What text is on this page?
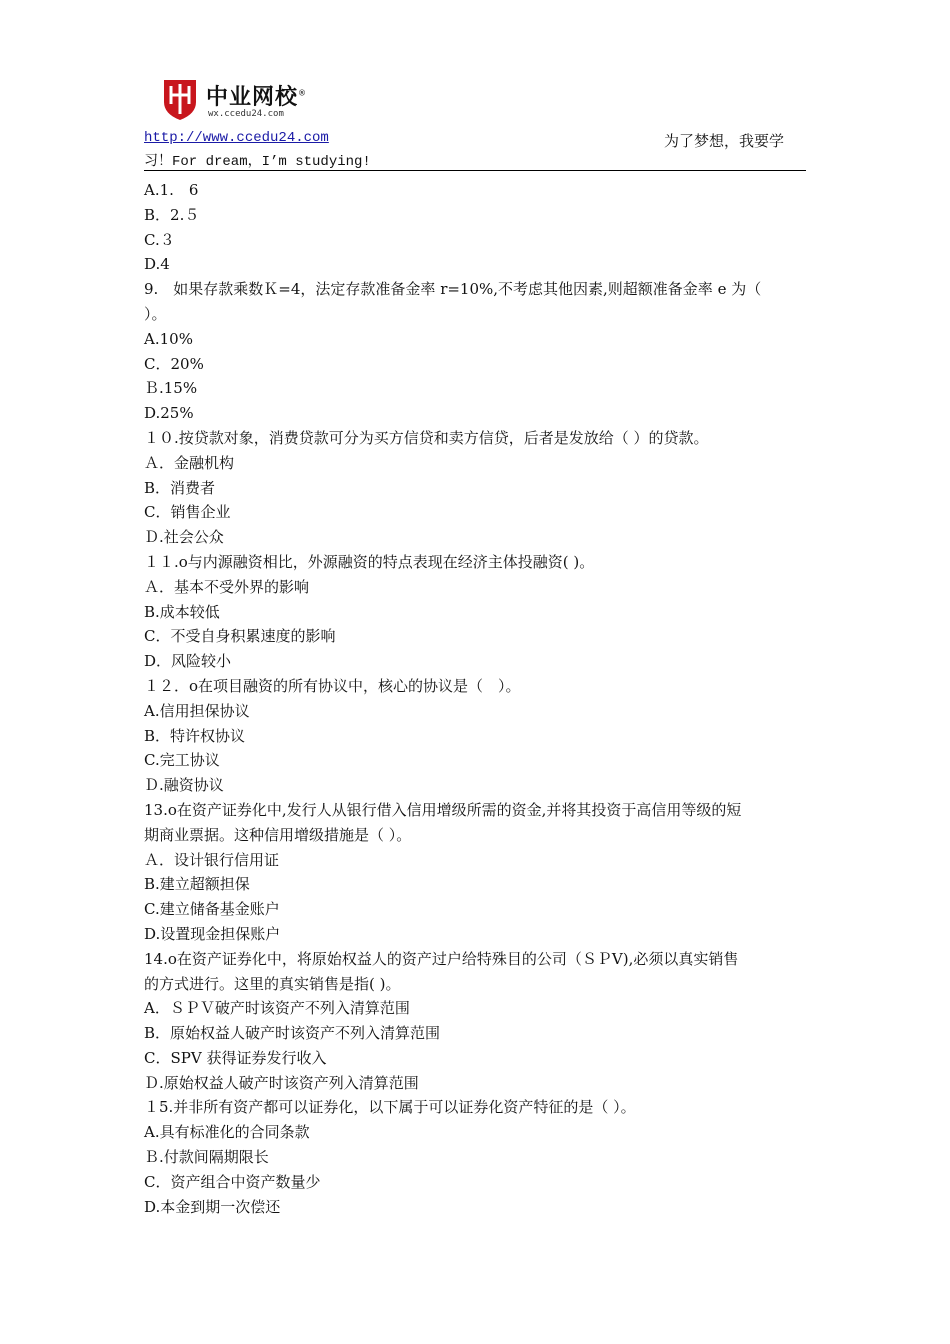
中业网校®
wx.ccedu24.com
http://www.ccedu24.com	为了梦想，我要学
习！For dream，I’m studying!
A.1.　6
B．2.５
C.３
D.4
9.　如果存款乘数Ｋ=4，法定存款准备金率 r=10%,不考虑其他因素,则超额准备金率 e 为（
）。
A.10%
C．20%
Ｂ.15%
D.25%
１０.按贷款对象，消费贷款可分为买方信贷和卖方信贷，后者是发放给（ ）的贷款。
Ａ．金融机构
B．消费者
C．销售企业
Ｄ.社会公众
１１.o与内源融资相比，外源融资的特点表现在经济主体投融资( )。
Ａ．基本不受外界的影响
B.成本较低
C．不受自身积累速度的影响
D．风险较小
１２．o在项目融资的所有协议中，核心的协议是（　）。
A.信用担保协议
B．特许权协议
C.完工协议
Ｄ.融资协议
13.o在资产证券化中,发行人从银行借入信用增级所需的资金,并将其投资于高信用等级的短
期商业票据。这种信用增级措施是（ ）。
Ａ．设计银行信用证
B.建立超额担保
C.建立储备基金账户
D.设置现金担保账户
14.o在资产证券化中，将原始权益人的资产过户给特殊目的公司（ＳＰV),必须以真实销售
的方式进行。这里的真实销售是指( )。
A．ＳＰＶ破产时该资产不列入清算范围
B．原始权益人破产时该资产不列入清算范围
C．SPV 获得证券发行收入
Ｄ.原始权益人破产时该资产列入清算范围
１5.并非所有资产都可以证券化，以下属于可以证券化资产特征的是（ ）。
A.具有标准化的合同条款
Ｂ.付款间隔期限长
C．资产组合中资产数量少
D.本金到期一次偿还
